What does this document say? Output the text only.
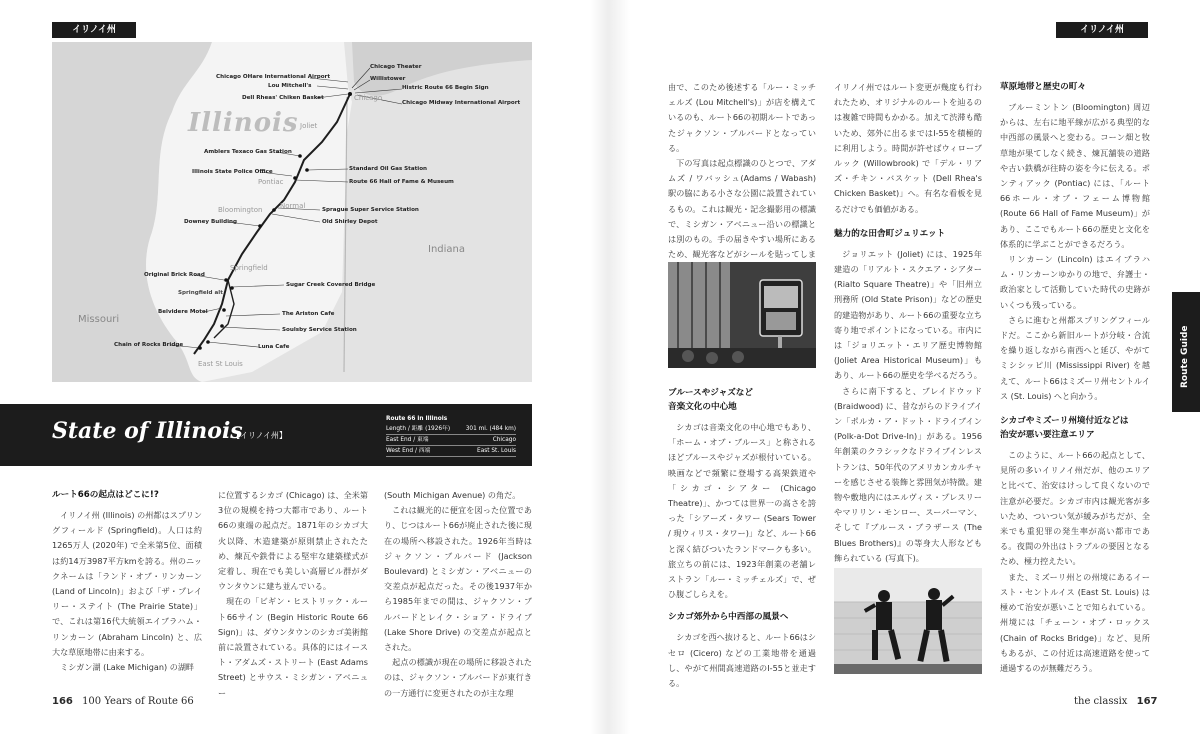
イリノイ州	イリノイ州
Illinois
Missouri
Indiana
Chicago
Joliet
Pontiac
Bloomington	Normal
Springfield
Springfield alt
East St Louis
Chicago Theater
Willistower
Histric Route 66 Begin Sign
Chicago Midway International Airport
Chicago OHare International Airport
Lou Mitchell's
Dell Rheas' Chiken Basket
Amblers Texaco Gas Station
Illinois State Police Office	Standard Oil Gas Station
Route 66 Hall of Fame & Museum
Sprague Super Service Station
Old Shirley Depot
Downey Building
Original Brick Road
Sugar Creek Covered Bridge
Belvidere Motel	The Ariston Cafe
Soulsby Service Station
Chain of Rocks Bridge	Luna Cafe
State of Illinois
【イリノイ州】
Route 66 in Illinois
Length / 距離 (1926年)	301 mi. (484 km)
East End / 東端	Chicago
West End / 西端	East St. Louis
ルート66の起点はどこに!?

イリノイ州 (Illinois) の州都はスプリングフィールド (Springfield)。人口は約1265万人 (2020年) で全米第5位、面積は約14万3987平方kmを誇る。州のニックネームは「ランド・オブ・リンカーン (Land of Lincoln)」および「ザ・プレイリー・ステイト (The Prairie State)」で、これは第16代大統領エイブラハム・リンカーン (Abraham Lincoln) と、広大な草原地帯に由来する。

ミシガン湖 (Lake Michigan) の湖畔

に位置するシカゴ (Chicago) は、全米第3位の規模を持つ大都市であり、ルート66の東端の起点だ。1871年のシカゴ大火以降、木造建築が原則禁止されたため、煉瓦や鉄骨による堅牢な建築様式が定着し、現在でも美しい高層ビル群がダウンタウンに建ち並んでいる。

現在の「ビギン・ヒストリック・ルート66サイン (Begin Historic Route 66 Sign)」は、ダウンタウンのシカゴ美術館前に設置されている。具体的にはイースト・アダムズ・ストリート (East Adams Street) とサウス・ミシガン・アベニュー

(South Michigan Avenue) の角だ。

これは観光的に便宜を図った位置であり、じつはルート66が廃止された後に現在の場所へ移設された。1926年当時はジャクソン・ブルバード (Jackson Boulevard) とミシガン・アベニューの交差点が起点だった。その後1937年から1985年までの間は、ジャクソン・ブルバードとレイク・ショア・ドライブ (Lake Shore Drive) の交差点が起点とされた。

起点の標識が現在の場所に移設されたのは、ジャクソン・ブルバードが東行きの一方通行に変更されたのが主な理

由で、このため後述する「ルー・ミッチェルズ (Lou Mitchell's)」が店を構えているのも、ルート66の初期ルートであったジャクソン・ブルバードとなっている。

下の写真は起点標識のひとつで、アダムズ / ワバッシュ(Adams / Wabash) 駅の脇にある小さな公園に設置されているもの。これは観光・記念撮影用の標識で、ミシガン・アベニュー沿いの標識とは別のもの。手の届きやすい場所にあるため、観光客などがシールを貼ってしま

ブルースやジャズなど
音楽文化の中心地

シカゴは音楽文化の中心地でもあり、「ホーム・オブ・ブルース」と称されるほどブルースやジャズが根付いている。映画などで頻繁に登場する高架鉄道や「シカゴ・シアター (Chicago Theatre)」、かつては世界一の高さを誇った「シアーズ・タワー (Sears Tower / 現ウィリス・タワー)」など、ルート66と深く結びついたランドマークも多い。旅立ちの前には、1923年創業の老舗レストラン「ルー・ミッチェルズ」で、ぜひ腹ごしらえを。

シカゴ郊外から中西部の風景へ

シカゴを西へ抜けると、ルート66はシセロ (Cicero) などの工業地帯を通過し、やがて州間高速道路のI-55と並走する。

イリノイ州ではルート変更が幾度も行われたため、オリジナルのルートを辿るのは複雑で時間もかかる。加えて渋滞も酷いため、郊外に出るまではI-55を積極的に利用しよう。時間が許せばウィローブルック (Willowbrook) で「デル・リアズ・チキン・バスケット (Dell Rhea's Chicken Basket)」へ。有名な看板を見るだけでも価値がある。

魅力的な田舎町ジュリエット

ジョリエット (Joliet) には、1925年建造の「リアルト・スクエア・シアター (Rialto Square Theatre)」や「旧州立刑務所 (Old State Prison)」などの歴史的建造物があり、ルート66の重要な立ち寄り地でポイントになっている。市内には「ジョリエット・エリア歴史博物館 (Joliet Area Historical Museum)」もあり、ルート66の歴史を学べるだろう。

さらに南下すると、ブレイドウッド (Braidwood) に、昔ながらのドライブイン「ポルカ・ア・ドット・ドライブイン (Polk-a-Dot Drive-In)」がある。1956年創業のクラシックなドライブインレストランは、50年代のアメリカンカルチャーを感じさせる装飾と雰囲気が特徴。建物や敷地内にはエルヴィス・プレスリーやマリリン・モンロー、スーパーマン、そして『ブルース・ブラザース (The Blues Brothers)』の等身大人形なども飾られている (写真下)。

草原地帯と歴史の町々

ブルーミントン (Bloomington) 周辺からは、左右に地平線が広がる典型的な中西部の風景へと変わる。コーン畑と牧草地が果てしなく続き、煉瓦舗装の道路や古い鉄橋が往時の姿を今に伝える。ポンティアック (Pontiac) には、「ルート66ホール・オブ・フェーム博物館 (Route 66 Hall of Fame Museum)」があり、ここでもルート66の歴史と文化を体系的に学ぶことができるだろう。

リンカーン (Lincoln) はエイブラハム・リンカーンゆかりの地で、弁護士・政治家として活動していた時代の史跡がいくつも残っている。

さらに進むと州都スプリングフィールドだ。ここから新旧ルートが分岐・合流を繰り返しながら南西へと延び、やがてミシシッピ川 (Mississippi River) を越えて、ルート66はミズーリ州セントルイス (St. Louis) へと向かう。

シカゴやミズーリ州境付近などは
治安が悪い要注意エリア

このように、ルート66の起点として、見所の多いイリノイ州だが、他のエリアと比べて、治安はけっして良くないので注意が必要だ。シカゴ市内は観光客が多いため、ついつい気が緩みがちだが、全米でも重犯罪の発生率が高い都市である。夜間の外出はトラブルの要因となるため、極力控えたい。

また、ミズーリ州との州境にあるイースト・セントルイス (East St. Louis) は極めて治安が悪いことで知られている。州境には「チェーン・オブ・ロックス (Chain of Rocks Bridge)」など、見所もあるが、この付近は高速道路を使って通過するのが無難だろう。

Route Guide
166 100 Years of Route 66	the classix 167
